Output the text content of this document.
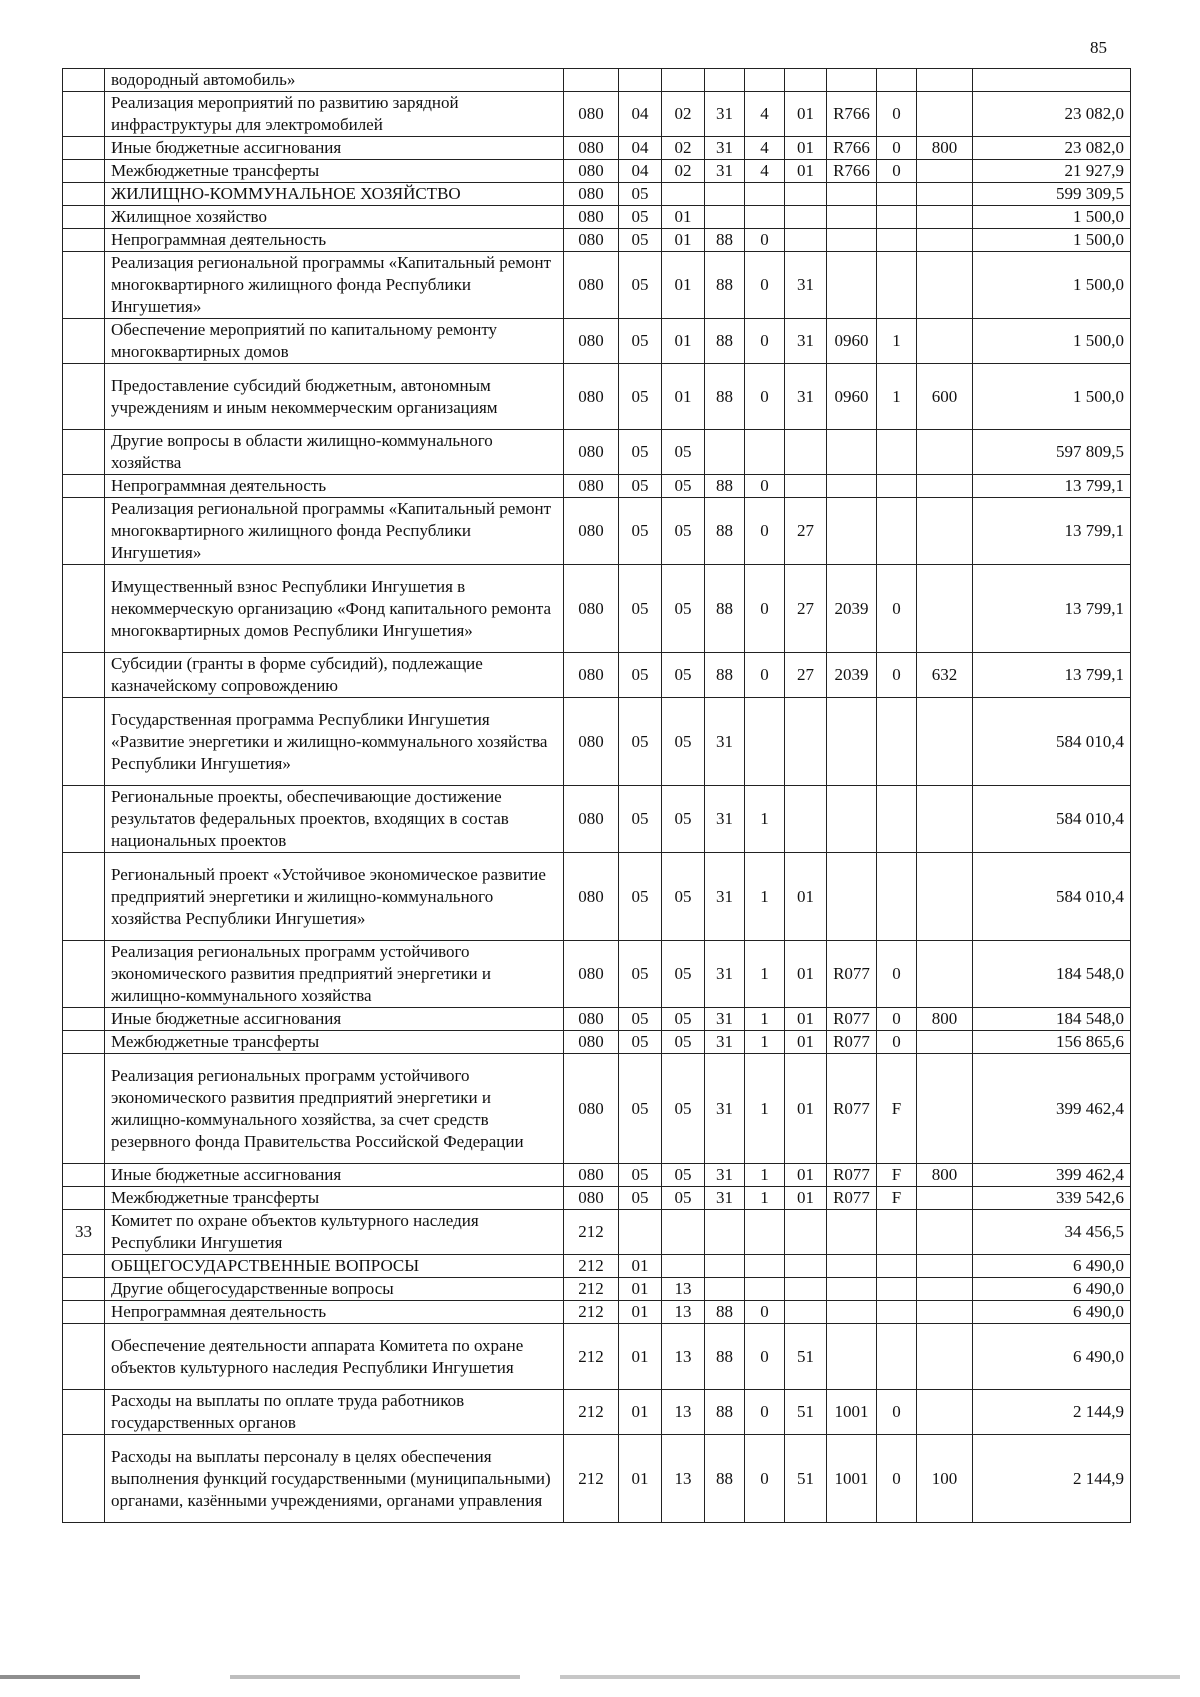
85
	водородный автомобиль»										
	Реализация мероприятий по развитию зарядной инфраструктуры для электромобилей	080	04	02	31	4	01	R766	0		23 082,0
	Иные бюджетные ассигнования	080	04	02	31	4	01	R766	0	800	23 082,0
	Межбюджетные трансферты	080	04	02	31	4	01	R766	0		21 927,9
	ЖИЛИЩНО-КОММУНАЛЬНОЕ ХОЗЯЙСТВО	080	05								599 309,5
	Жилищное хозяйство	080	05	01							1 500,0
	Непрограммная деятельность	080	05	01	88	0					1 500,0
	Реализация региональной программы «Капитальный ремонт многоквартирного жилищного фонда Республики Ингушетия»	080	05	01	88	0	31				1 500,0
	Обеспечение мероприятий по капитальному ремонту многоквартирных домов	080	05	01	88	0	31	0960	1		1 500,0
	Предоставление субсидий бюджетным, автономным учреждениям и иным некоммерческим организациям	080	05	01	88	0	31	0960	1	600	1 500,0
	Другие вопросы в области жилищно-коммунального хозяйства	080	05	05							597 809,5
	Непрограммная деятельность	080	05	05	88	0					13 799,1
	Реализация региональной программы «Капитальный ремонт многоквартирного жилищного фонда Республики Ингушетия»	080	05	05	88	0	27				13 799,1
	Имущественный взнос Республики Ингушетия в некоммерческую организацию «Фонд капитального ремонта многоквартирных домов Республики Ингушетия»	080	05	05	88	0	27	2039	0		13 799,1
	Субсидии (гранты в форме субсидий), подлежащие казначейскому сопровождению	080	05	05	88	0	27	2039	0	632	13 799,1
	Государственная программа Республики Ингушетия «Развитие энергетики и жилищно-коммунального хозяйства Республики Ингушетия»	080	05	05	31						584 010,4
	Региональные проекты, обеспечивающие достижение результатов федеральных проектов, входящих в состав национальных проектов	080	05	05	31	1					584 010,4
	Региональный проект «Устойчивое экономическое развитие предприятий энергетики и жилищно-коммунального хозяйства Республики Ингушетия»	080	05	05	31	1	01				584 010,4
	Реализация региональных программ устойчивого экономического развития предприятий энергетики и жилищно-коммунального хозяйства	080	05	05	31	1	01	R077	0		184 548,0
	Иные бюджетные ассигнования	080	05	05	31	1	01	R077	0	800	184 548,0
	Межбюджетные трансферты	080	05	05	31	1	01	R077	0		156 865,6
	Реализация региональных программ устойчивого экономического развития предприятий энергетики и жилищно-коммунального хозяйства, за счет средств резервного фонда Правительства Российской Федерации	080	05	05	31	1	01	R077	F		399 462,4
	Иные бюджетные ассигнования	080	05	05	31	1	01	R077	F	800	399 462,4
	Межбюджетные трансферты	080	05	05	31	1	01	R077	F		339 542,6
33	Комитет по охране объектов культурного наследия Республики Ингушетия	212									34 456,5
	ОБЩЕГОСУДАРСТВЕННЫЕ ВОПРОСЫ	212	01								6 490,0
	Другие общегосударственные вопросы	212	01	13							6 490,0
	Непрограммная деятельность	212	01	13	88	0					6 490,0
	Обеспечение деятельности аппарата Комитета по охране объектов культурного наследия Республики Ингушетия	212	01	13	88	0	51				6 490,0
	Расходы на выплаты по оплате труда работников государственных органов	212	01	13	88	0	51	1001	0		2 144,9
	Расходы на выплаты персоналу в целях обеспечения выполнения функций государственными (муниципальными) органами, казёнными учреждениями, органами управления	212	01	13	88	0	51	1001	0	100	2 144,9
